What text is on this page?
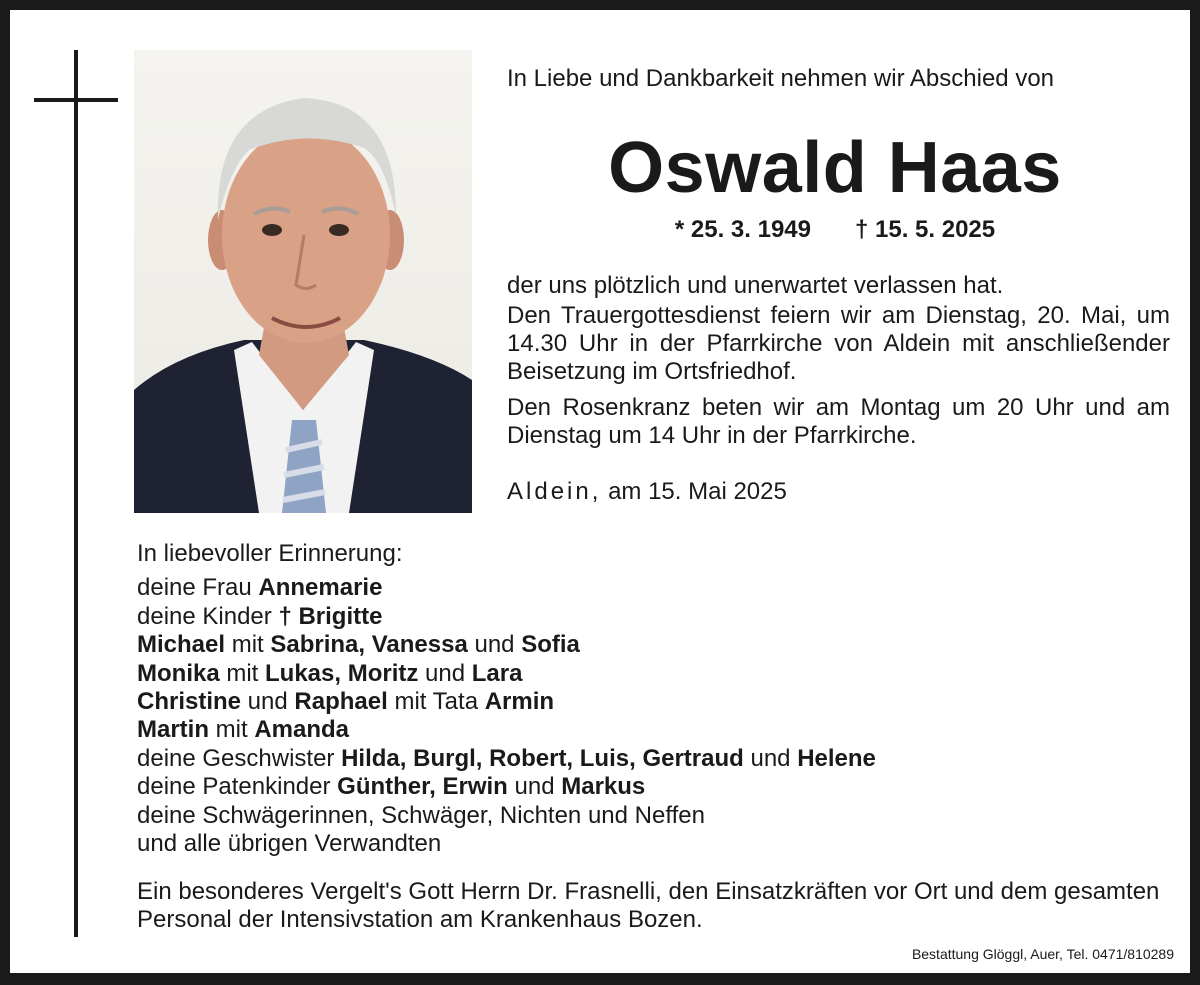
In Liebe und Dankbarkeit nehmen wir Abschied von
Oswald Haas
* 25. 3. 1949 † 15. 5. 2025
der uns plötzlich und unerwartet verlassen hat.
Den Trauergottesdienst feiern wir am Dienstag, 20. Mai, um 14.30 Uhr in der Pfarrkirche von Aldein mit anschließender Beisetzung im Ortsfriedhof.
Den Rosenkranz beten wir am Montag um 20 Uhr und am Dienstag um 14 Uhr in der Pfarrkirche.
Aldein, am 15. Mai 2025
In liebevoller Erinnerung:
deine Frau Annemarie
deine Kinder † Brigitte
Michael mit Sabrina, Vanessa und Sofia
Monika mit Lukas, Moritz und Lara
Christine und Raphael mit Tata Armin
Martin mit Amanda
deine Geschwister Hilda, Burgl, Robert, Luis, Gertraud und Helene
deine Patenkinder Günther, Erwin und Markus
deine Schwägerinnen, Schwäger, Nichten und Neffen
und alle übrigen Verwandten
Ein besonderes Vergelt's Gott Herrn Dr. Frasnelli, den Einsatzkräften vor Ort und dem gesamten Personal der Intensivstation am Krankenhaus Bozen.
Bestattung Glöggl, Auer, Tel. 0471/810289
